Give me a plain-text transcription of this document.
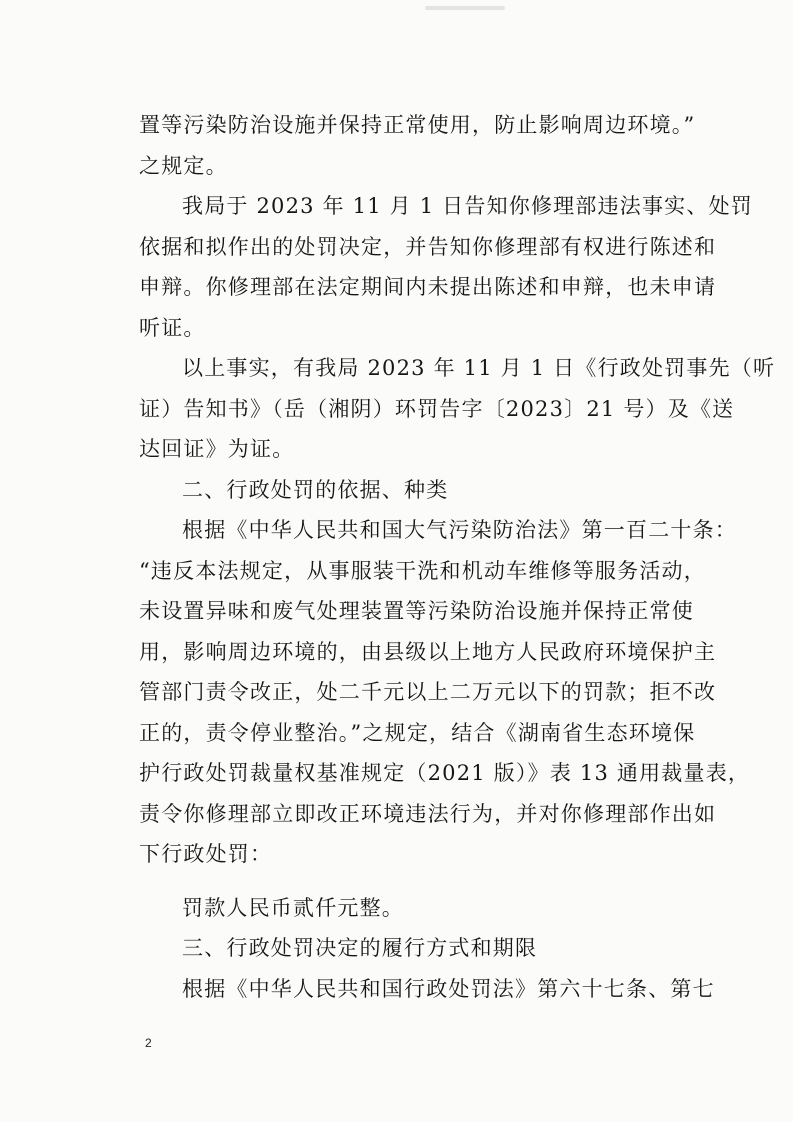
置等污染防治设施并保持正常使用，防止影响周边环境。”
之规定。
我局于 2023 年 11 月 1 日告知你修理部违法事实、处罚
依据和拟作出的处罚决定，并告知你修理部有权进行陈述和
申辩。你修理部在法定期间内未提出陈述和申辩，也未申请
听证。
以上事实，有我局 2023 年 11 月 1 日《行政处罚事先（听
证）告知书》（岳（湘阴）环罚告字〔2023〕21 号）及《送
达回证》为证。
二、行政处罚的依据、种类
根据《中华人民共和国大气污染防治法》第一百二十条：
“违反本法规定，从事服装干洗和机动车维修等服务活动，
未设置异味和废气处理装置等污染防治设施并保持正常使
用，影响周边环境的，由县级以上地方人民政府环境保护主
管部门责令改正，处二千元以上二万元以下的罚款；拒不改
正的，责令停业整治。”之规定，结合《湖南省生态环境保
护行政处罚裁量权基准规定（2021 版）》表 13 通用裁量表，
责令你修理部立即改正环境违法行为，并对你修理部作出如
下行政处罚：
罚款人民币贰仟元整。
三、行政处罚决定的履行方式和期限
根据《中华人民共和国行政处罚法》第六十七条、第七
2
